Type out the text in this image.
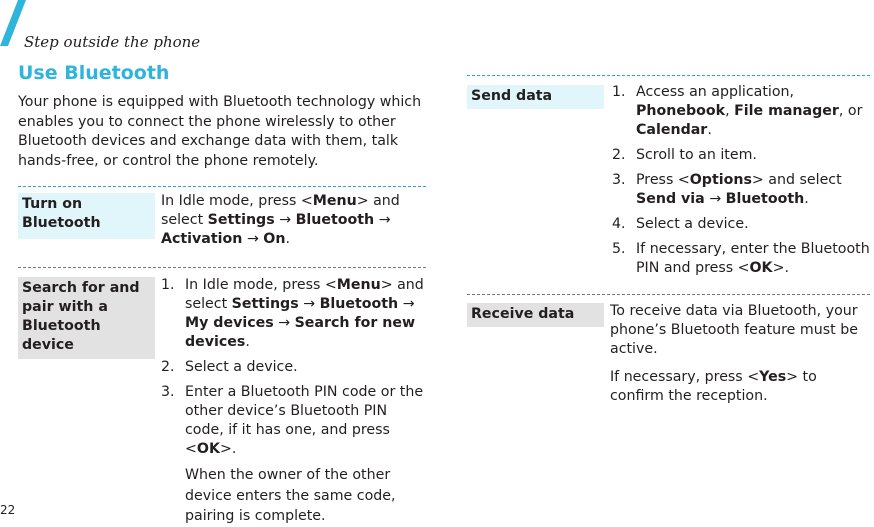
Step outside the phone
Use Bluetooth
Your phone is equipped with Bluetooth technology which enables you to connect the phone wirelessly to other Bluetooth devices and exchange data with them, talk hands-free, or control the phone remotely.
Turn on Bluetooth
In Idle mode, press <Menu> and select Settings → Bluetooth → Activation → On.
Search for and pair with a Bluetooth device
1. In Idle mode, press <Menu> and select Settings → Bluetooth → My devices → Search for new devices.
2. Select a device.
3. Enter a Bluetooth PIN code or the other device’s Bluetooth PIN code, if it has one, and press <OK>.
When the owner of the other device enters the same code, pairing is complete.
Send data	1. Access an application, Phonebook, File manager, or Calendar.
2. Scroll to an item.
3. Press <Options> and select Send via → Bluetooth.
4. Select a device.
5. If necessary, enter the Bluetooth PIN and press <OK>.
Receive data	To receive data via Bluetooth, your phone’s Bluetooth feature must be active.
If necessary, press <Yes> to confirm the reception.
22
